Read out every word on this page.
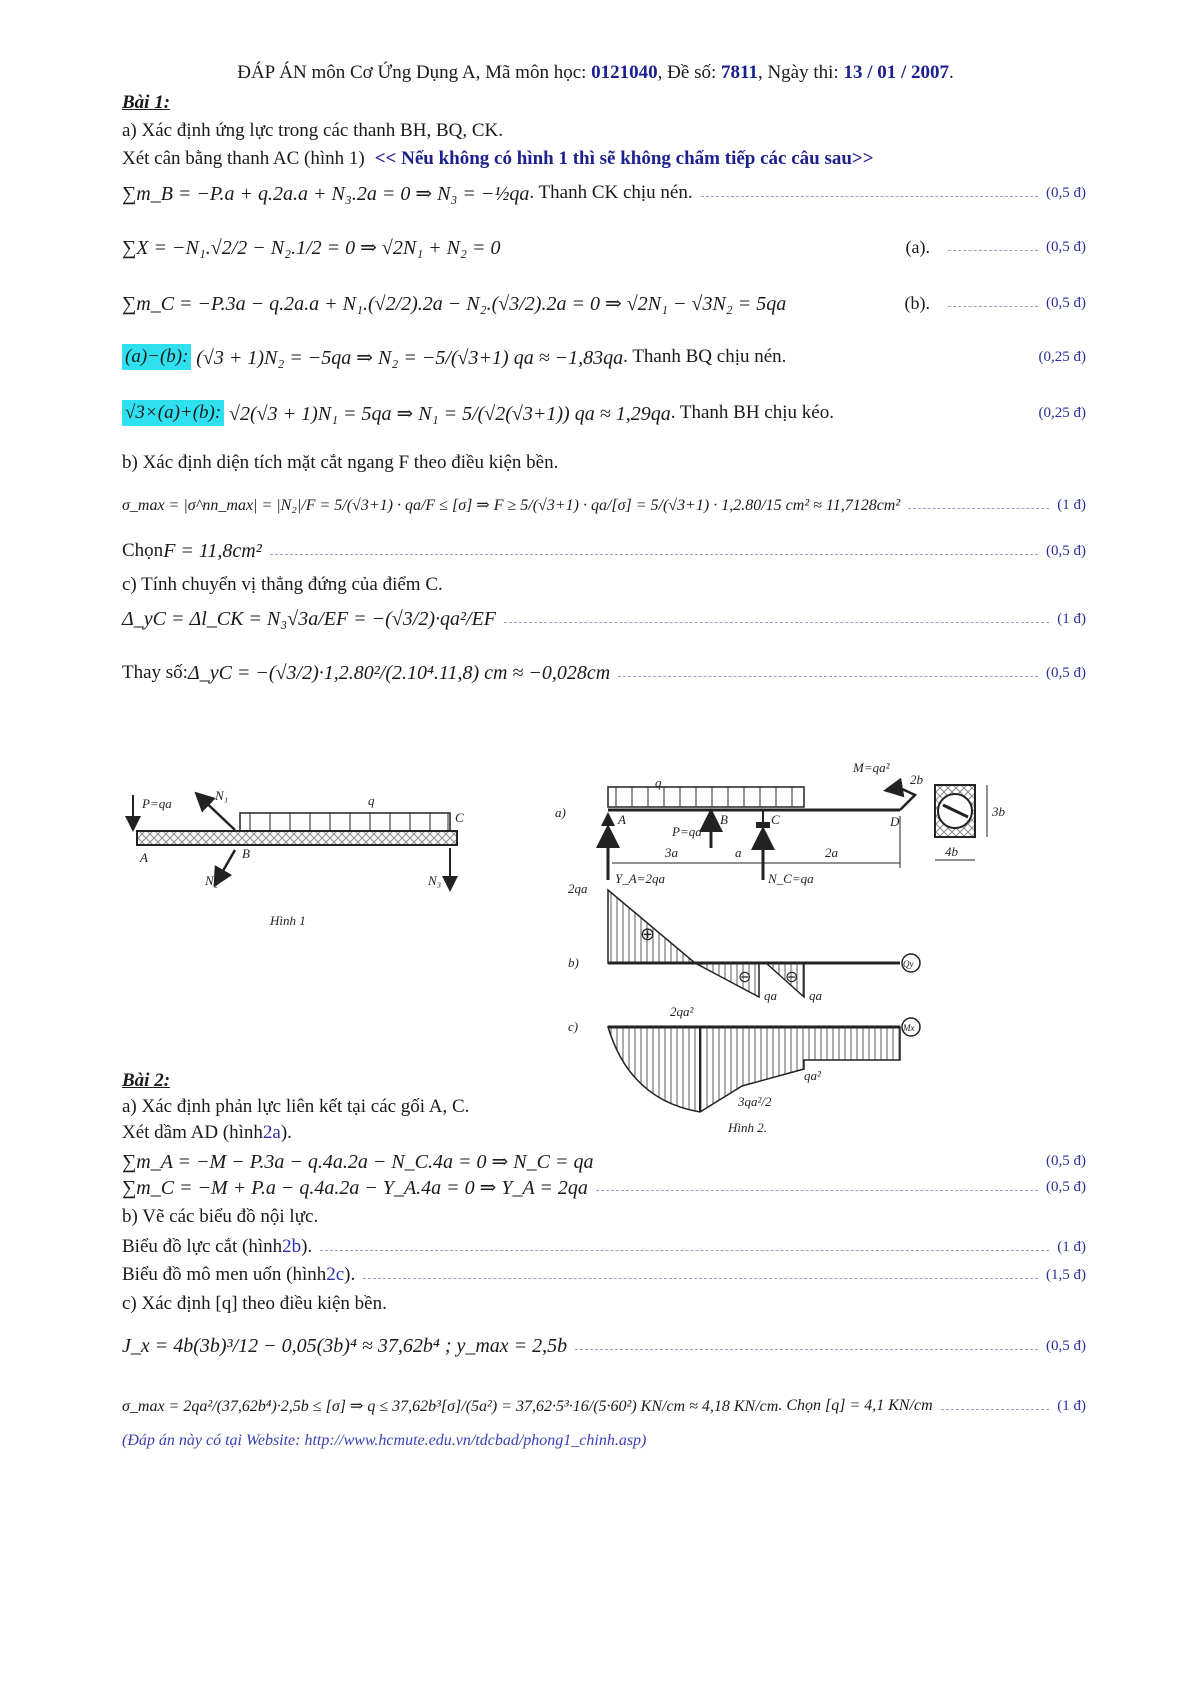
ĐÁP ÁN môn Cơ Ứng Dụng A, Mã môn học: 0121040, Đề số: 7811, Ngày thi: 13 / 01 / 2007.
Bài 1:
a) Xác định ứng lực trong các thanh BH, BQ, CK.
Xét cân bằng thanh AC (hình 1) << Nếu không có hình 1 thì sẽ không chấm tiếp các câu sau>>
∑m_B = −P.a + q.2a.a + N₃.2a = 0 ⇒ N₃ = −½qa . Thanh CK chịu nén.	(0,5 đ)
∑X = −N₁.√2/2 − N₂.1/2 = 0 ⇒ √2N₁ + N₂ = 0	(a).	(0,5 đ)
∑m_C = −P.3a − q.2a.a + N₁.(√2/2).2a − N₂.(√3/2).2a = 0 ⇒ √2N₁ − √3N₂ = 5qa	(b).	(0,5 đ)
(a)−(b):
(√3 + 1)N₂ = −5qa ⇒ N₂ = −5/(√3+1) qa ≈ −1,83qa . Thanh BQ chịu nén.	(0,25 đ)
√3×(a)+(b):
√2(√3 + 1)N₁ = 5qa ⇒ N₁ = 5/(√2(√3+1)) qa ≈ 1,29qa . Thanh BH chịu kéo.	(0,25 đ)
b) Xác định diện tích mặt cắt ngang F theo điều kiện bền.
σ_max = |σ^nn_max| = |N₂|/F = 5/(√3+1) · qa/F ≤ [σ] ⇒ F ≥ 5/(√3+1) · qa/[σ] = 5/(√3+1) · 1,2.80/15 cm² ≈ 11,7128cm²	(1 đ)
Chọn F = 11,8cm²	(0,5 đ)
c) Tính chuyển vị thẳng đứng của điểm C.
Δ_yC = Δl_CK = N₃√3a/EF = −(√3/2)·qa²/EF	(1 đ)
Thay số: Δ_yC = −(√3/2)·1,2.80²/(2.10⁴.11,8) cm ≈ −0,028cm	(0,5 đ)
P=qa
N₁
N₂	N₃
q
A	B
C
Hình 1
a)
q
M=qa²
A	B	C	D
P=qa
3a	a	2a
Y_A=2qa	N_C=qa
2b
3b
4b
Qy
2qa
b)
⊕
⊖ ⊖
qa qa
Mx
c)
2qa²
3qa²/2
qa²
Hình 2.
Bài 2:
a) Xác định phản lực liên kết tại các gối A, C.
Xét dầm AD (hình 2a ).
∑m_A = −M − P.3a − q.4a.2a − N_C.4a = 0 ⇒ N_C = qa	(0,5 đ)
∑m_C = −M + P.a − q.4a.2a − Y_A.4a = 0 ⇒ Y_A = 2qa	(0,5 đ)
b) Vẽ các biểu đồ nội lực.
Biểu đồ lực cắt (hình 2b ).	(1 đ)
Biểu đồ mô men uốn (hình 2c ).	(1,5 đ)
c) Xác định [q] theo điều kiện bền.
J_x = 4b(3b)³/12 − 0,05(3b)⁴ ≈ 37,62b⁴ ; y_max = 2,5b	(0,5 đ)
σ_max = 2qa²/(37,62b⁴)·2,5b ≤ [σ] ⇒ q ≤ 37,62b³[σ]/(5a²) = 37,62·5³·16/(5·60²) KN/cm ≈ 4,18 KN/cm . Chọn [q] = 4,1 KN/cm	(1 đ)
(Đáp án này có tại Website: http://www.hcmute.edu.vn/tdcbad/phong1_chinh.asp)
